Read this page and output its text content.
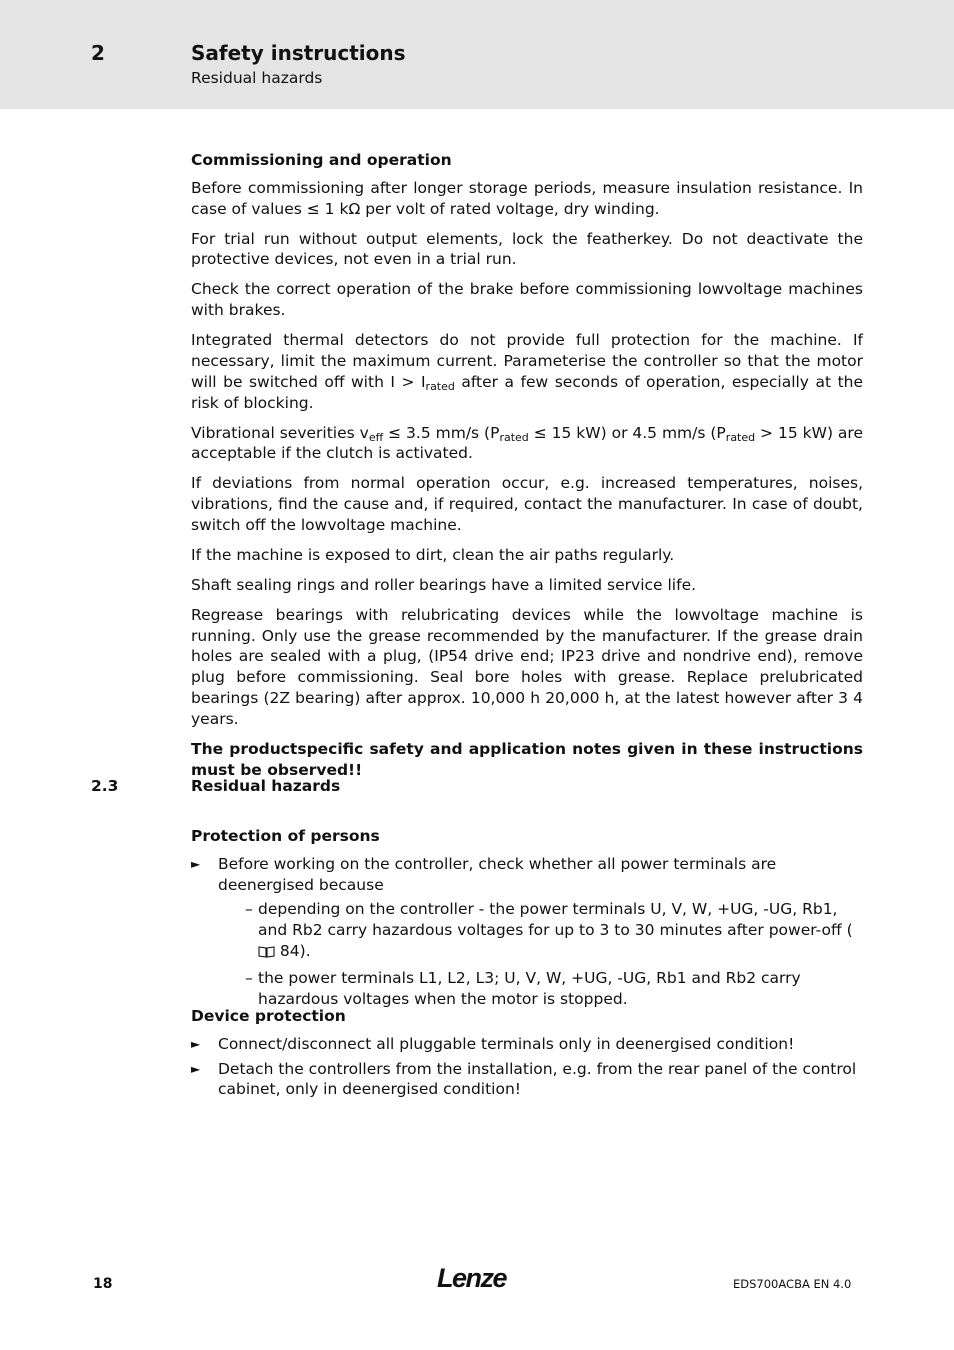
2	Safety instructions
Residual hazards
Commissioning and operation

Before commissioning after longer storage periods, measure insulation resistance. In case of values ≤ 1 kΩ per volt of rated voltage, dry winding.

For trial run without output elements, lock the featherkey. Do not deactivate the protective devices, not even in a trial run.

Check the correct operation of the brake before commissioning lowvoltage machines with brakes.

Integrated thermal detectors do not provide full protection for the machine. If necessary, limit the maximum current. Parameterise the controller so that the motor will be switched off with $I > I_{rated}$ after a few seconds of operation, especially at the risk of blocking.

Vibrational severities $v_{eff} \le 3.5$ mm/s ($P_{rated} \le 15$ kW) or 4.5 mm/s ($P_{rated} > 15$ kW) are acceptable if the clutch is activated.

If deviations from normal operation occur, e.g. increased temperatures, noises, vibrations, find the cause and, if required, contact the manufacturer. In case of doubt, switch off the lowvoltage machine.

If the machine is exposed to dirt, clean the air paths regularly.

Shaft sealing rings and roller bearings have a limited service life.

Regrease bearings with relubricating devices while the lowvoltage machine is running. Only use the grease recommended by the manufacturer. If the grease drain holes are sealed with a plug, (IP54 drive end; IP23 drive and nondrive end), remove plug before commissioning. Seal bore holes with grease. Replace prelubricated bearings (2Z bearing) after approx. 10,000 h 20,000 h, at the latest however after 3 4 years.

The productspecific safety and application notes given in these instructions must be observed!!

2.3	Residual hazards
Protection of persons
► Before working on the controller, check whether all power terminals are deenergised because
– depending on the controller - the power terminals U, V, W, +UG, -UG, Rb1, and Rb2 carry hazardous voltages for up to 3 to 30 minutes after power-off ( 84).
– the power terminals L1, L2, L3; U, V, W, +UG, -UG, Rb1 and Rb2 carry hazardous voltages when the motor is stopped.
Device protection
► Connect/disconnect all pluggable terminals only in deenergised condition!
► Detach the controllers from the installation, e.g. from the rear panel of the control cabinet, only in deenergised condition!
18	Lenze	EDS700ACBA EN 4.0
